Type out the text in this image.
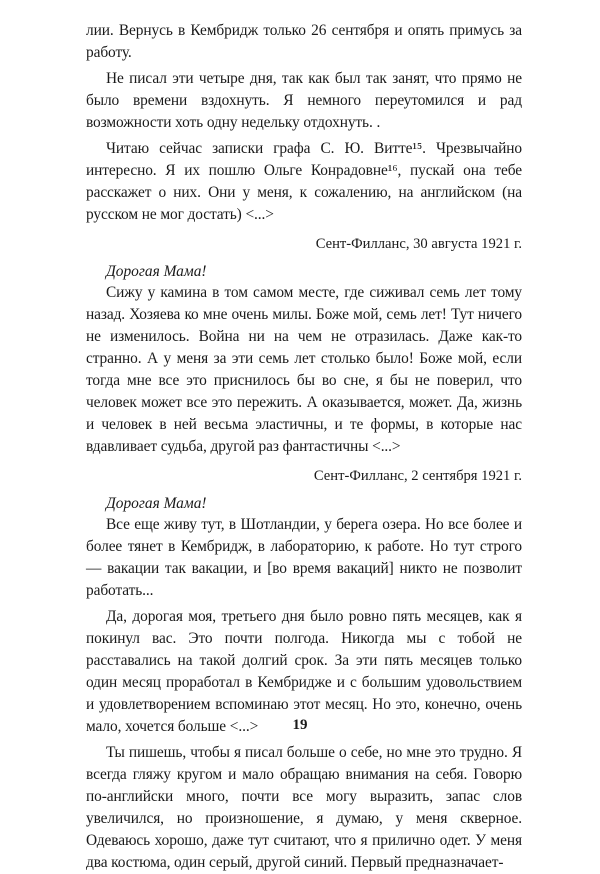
лии. Вернусь в Кембридж только 26 сентября и опять примусь за работу.

Не писал эти четыре дня, так как был так занят, что прямо не было времени вздохнуть. Я немного переутомился и рад возможности хоть одну недельку отдохнуть. .

Читаю сейчас записки графа С. Ю. Витте¹⁵. Чрезвычайно интересно. Я их пошлю Ольге Конрадовне¹⁶, пускай она тебе расскажет о них. Они у меня, к сожалению, на английском (на русском не мог достать) <...>

Сент-Филланс, 30 августа 1921 г.
Дорогая Мама!

Сижу у камина в том самом месте, где сиживал семь лет тому назад. Хозяева ко мне очень милы. Боже мой, семь лет! Тут ничего не изменилось. Война ни на чем не отразилась. Даже как-то странно. А у меня за эти семь лет столько было! Боже мой, если тогда мне все это приснилось бы во сне, я бы не поверил, что человек может все это пережить. А оказывается, может. Да, жизнь и человек в ней весьма эластичны, и те формы, в которые нас вдавливает судьба, другой раз фантастичны <...>

Сент-Филланс, 2 сентября 1921 г.
Дорогая Мама!

Все еще живу тут, в Шотландии, у берега озера. Но все более и более тянет в Кембридж, в лабораторию, к работе. Но тут строго — вакации так вакации, и [во время вакаций] никто не позволит работать...

Да, дорогая моя, третьего дня было ровно пять месяцев, как я покинул вас. Это почти полгода. Никогда мы с тобой не расставались на такой долгий срок. За эти пять месяцев только один месяц проработал в Кембридже и с большим удовольствием и удовлетворением вспоминаю этот месяц. Но это, конечно, очень мало, хочется больше <...>

Ты пишешь, чтобы я писал больше о себе, но мне это трудно. Я всегда гляжу кругом и мало обращаю внимания на себя. Говорю по-английски много, почти все могу выразить, запас слов увеличился, но произношение, я думаю, у меня скверное. Одеваюсь хорошо, даже тут считают, что я прилично одет. У меня два костюма, один серый, другой синий. Первый предназначает-

19
